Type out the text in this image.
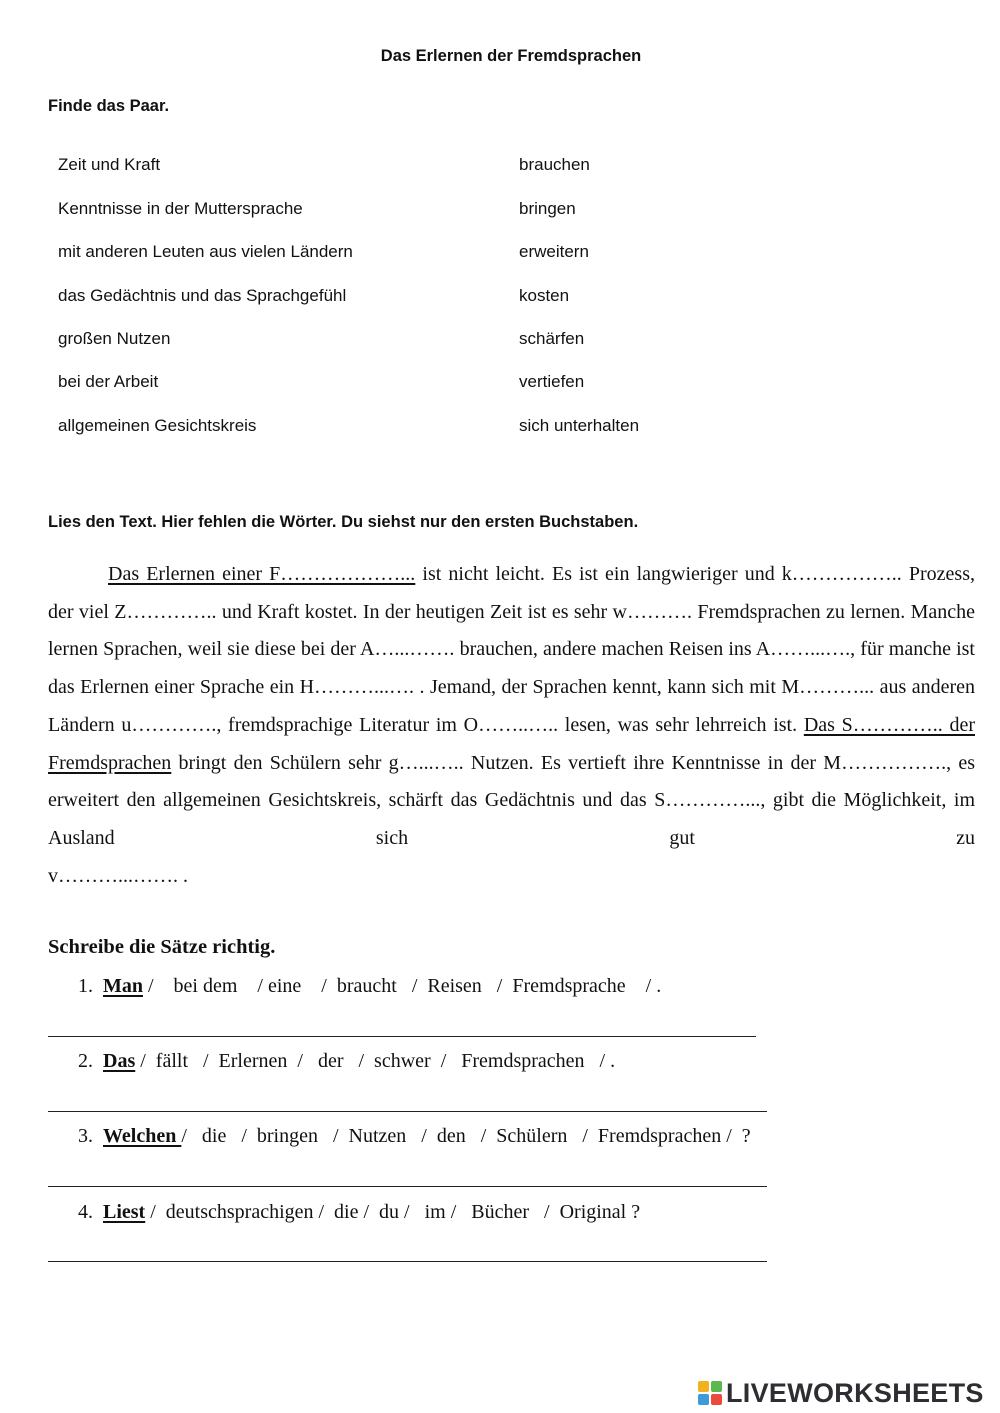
Das Erlernen der Fremdsprachen
Finde das Paar.
Zeit und Kraft
Kenntnisse in der Muttersprache
mit anderen Leuten aus vielen Ländern
das Gedächtnis und das Sprachgefühl
großen Nutzen
bei der Arbeit
allgemeinen Gesichtskreis
brauchen
bringen
erweitern
kosten
schärfen
vertiefen
sich unterhalten
Lies den Text. Hier fehlen die Wörter. Du siehst nur den ersten Buchstaben.
Das Erlernen einer F………………... ist nicht leicht. Es ist ein langwieriger und k…………….. Prozess, der viel Z………….. und Kraft kostet. In der heutigen Zeit ist es sehr w………. Fremdsprachen zu lernen. Manche lernen Sprachen, weil sie diese bei der A…...……. brauchen, andere machen Reisen ins A……...…., für manche ist das Erlernen einer Sprache ein H………...…. . Jemand, der Sprachen kennt, kann sich mit M………... aus anderen Ländern u…………., fremdsprachige Literatur im O……..….. lesen, was sehr lehrreich ist. Das S………….. der Fremdsprachen bringt den Schülern sehr g…...….. Nutzen. Es vertieft ihre Kenntnisse in der M……………., es erweitert den allgemeinen Gesichtskreis, schärft das Gedächtnis und das S…………..., gibt die Möglichkeit, im Ausland sich gut zu
v………...……. .
Schreibe die Sätze richtig.
1. Man /    bei dem    / eine    /  braucht   /  Reisen   /  Fremdsprache    / .
2. Das /  fällt   /  Erlernen  /   der   /  schwer  /   Fremdsprachen   / .
3. Welchen /   die   /  bringen   /  Nutzen   /  den   /  Schülern   /  Fremdsprachen /  ?
4. Liest /  deutschsprachigen /  die /  du /   im /   Bücher   /  Original ?
LIVEWORKSHEETS
